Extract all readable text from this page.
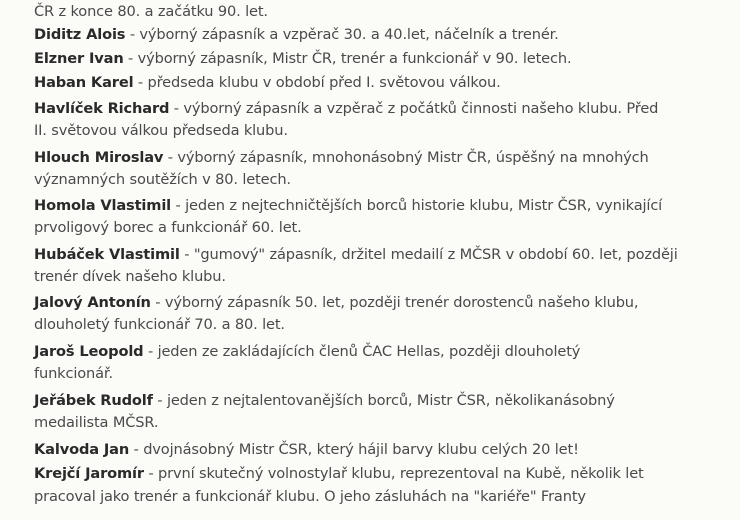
ČR z konce 80. a začátku 90. let.
Diditz Alois - výborný zápasník a vzpěrač 30. a 40.let, náčelník a trenér.
Elzner Ivan - výborný zápasník, Mistr ČR, trenér a funkcionář v 90. letech.
Haban Karel - předseda klubu v období před I. světovou válkou.
Havlíček Richard - výborný zápasník a vzpěrač z počátků činnosti našeho klubu. Před
II. světovou válkou předseda klubu.
Hlouch Miroslav - výborný zápasník, mnohonásobný Mistr ČR, úspěšný na mnohých
významných soutěžích v 80. letech.
Homola Vlastimil - jeden z nejtechničtějších borců historie klubu, Mistr ČSR, vynikající
prvoligový borec a funkcionář 60. let.
Hubáček Vlastimil - "gumový" zápasník, držitel medailí z MČSR v období 60. let, později
trenér dívek našeho klubu.
Jalový Antonín - výborný zápasník 50. let, později trenér dorostenců našeho klubu,
dlouholetý funkcionář 70. a 80. let.
Jaroš Leopold - jeden ze zakládajících členů ČAC Hellas, později dlouholetý
funkcionář.
Jeřábek Rudolf - jeden z nejtalentovanějších borců, Mistr ČSR, několikanásobný
medailista MČSR.
Kalvoda Jan - dvojnásobný Mistr ČSR, který hájil barvy klubu celých 20 let!
Krejčí Jaromír - první skutečný volnostylař klubu, reprezentoval na Kubě, několik let
pracoval jako trenér a funkcionář klubu. O jeho zásluhách na "kariéře" Franty
